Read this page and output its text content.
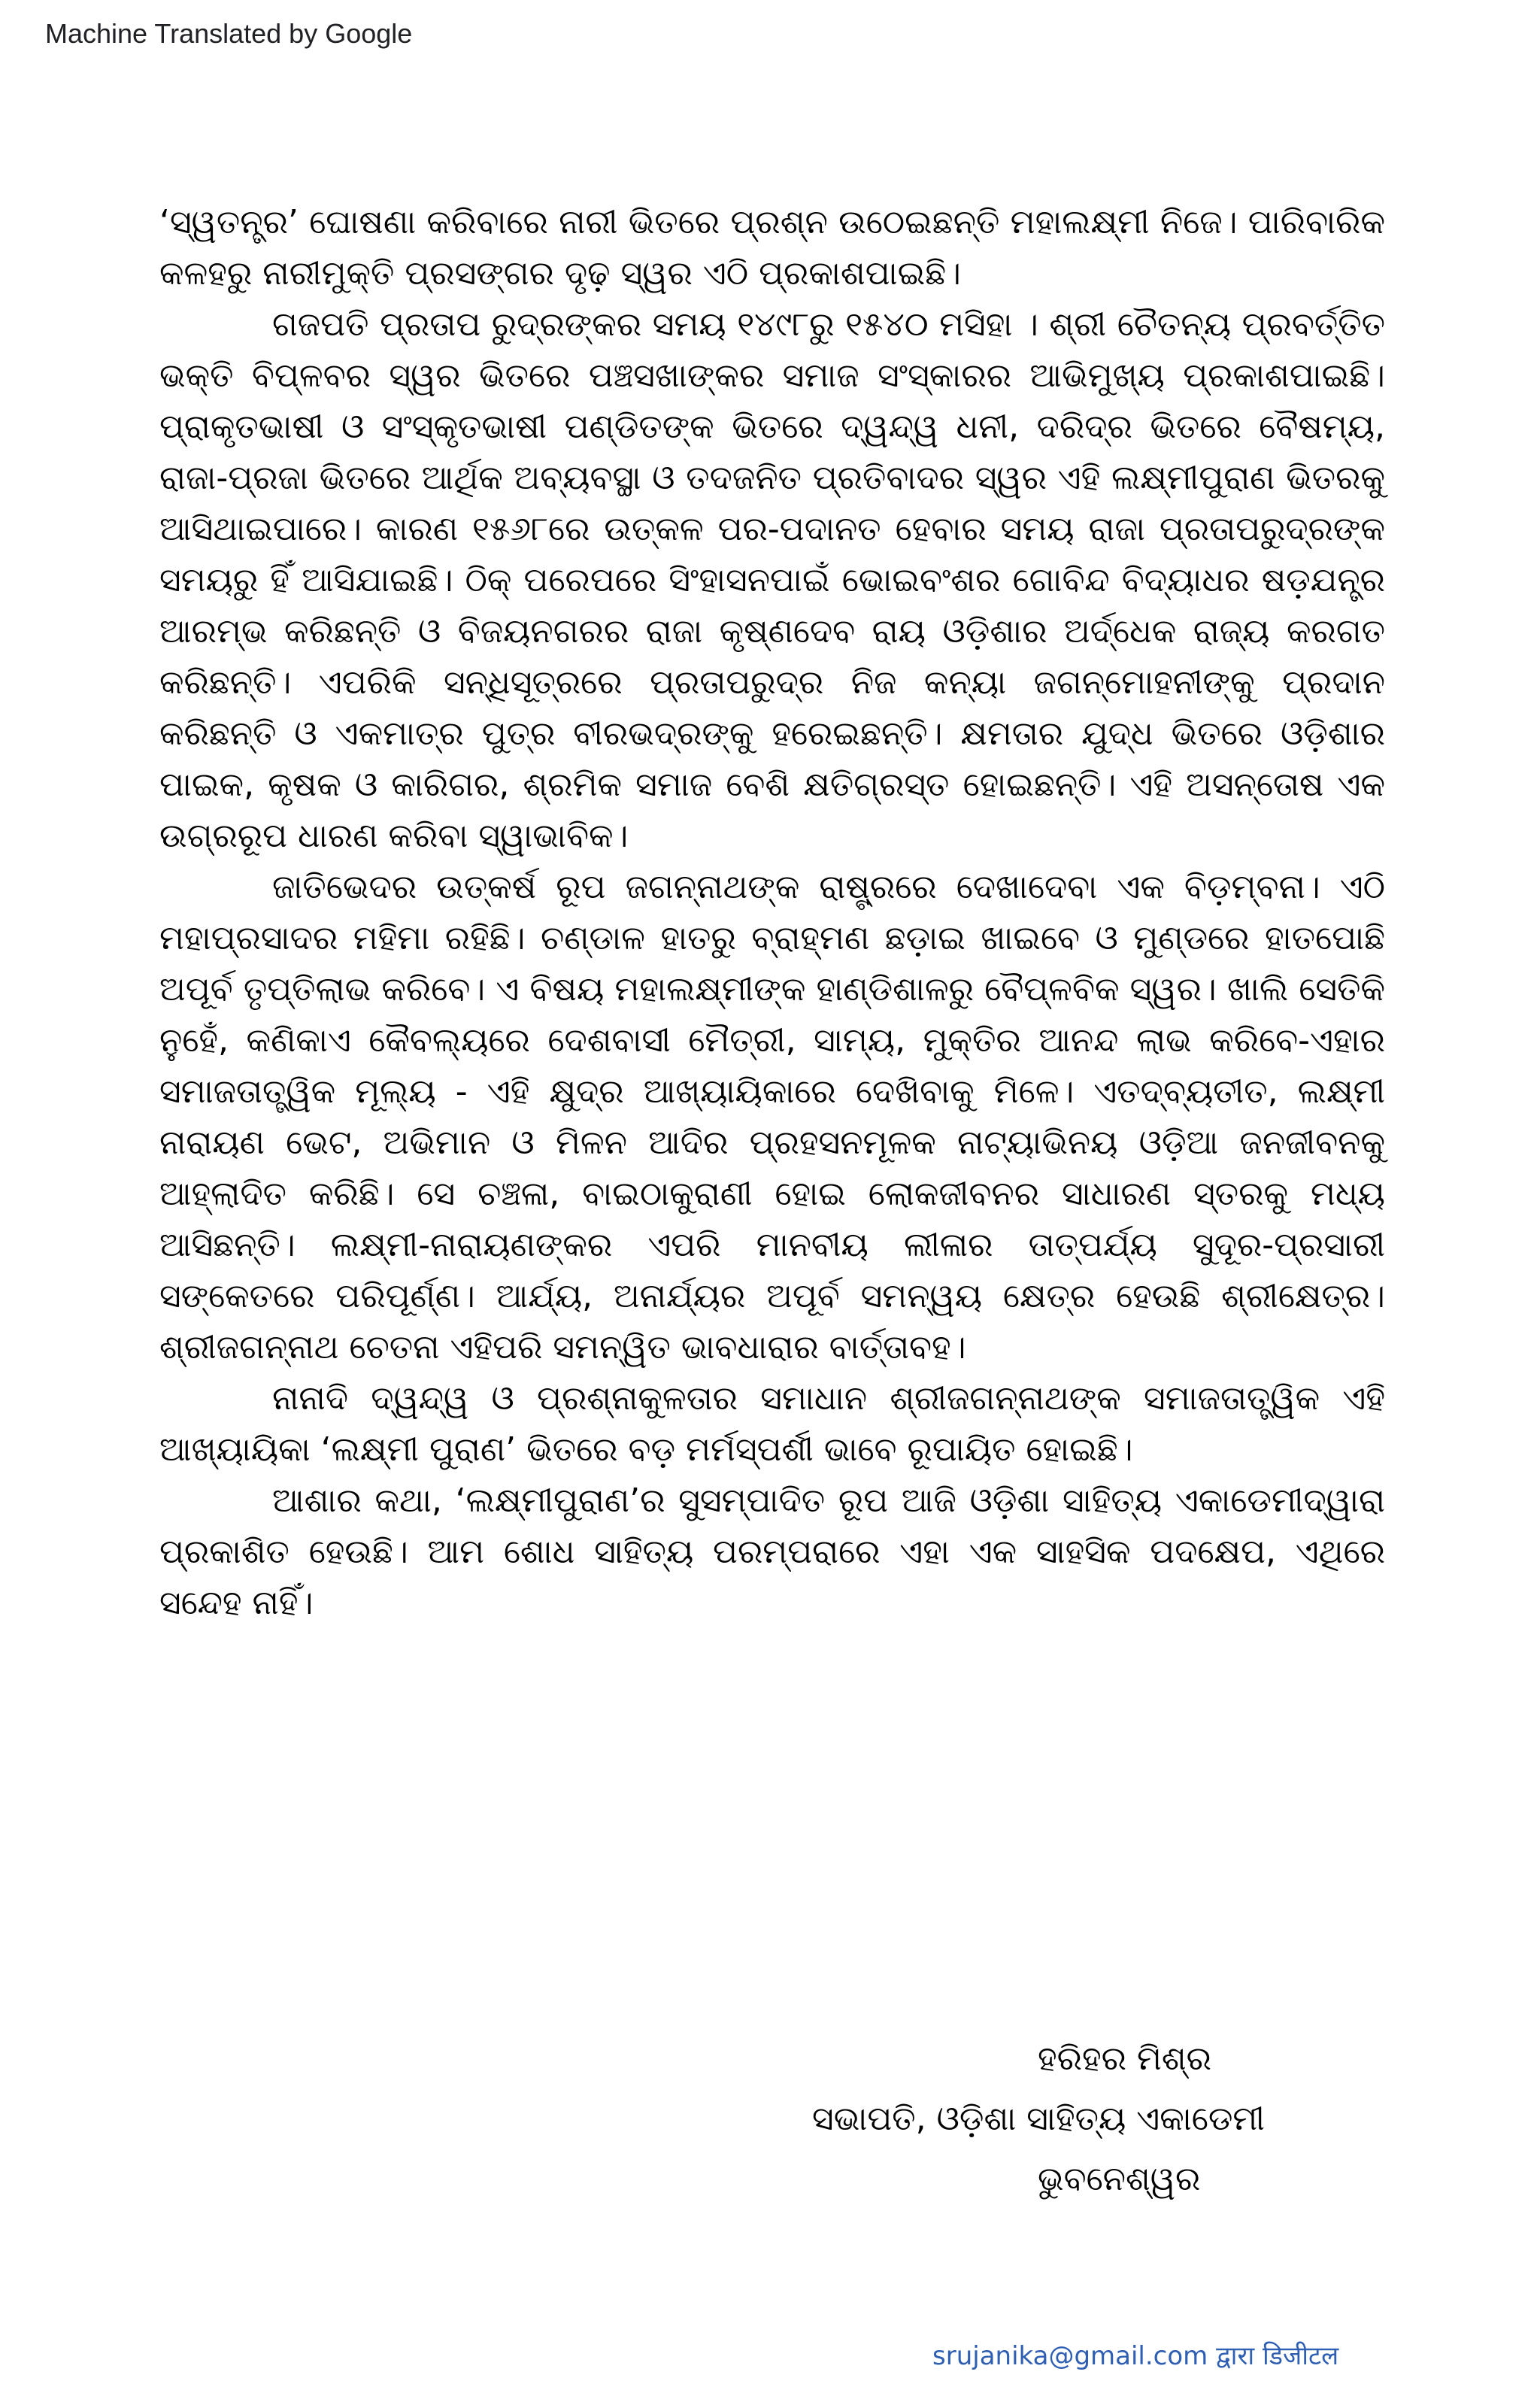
Machine Translated by Google

‘ସ୍ୱତନ୍ତ୍ର’ ଘୋଷଣା କରିବାରେ ନାରୀ ଭିତରେ ପ୍ରଶ୍ନ ଉଠେଇଛନ୍ତି ମହାଲକ୍ଷ୍ମୀ ନିଜେ। ପାରିବାରିକ କଳହରୁ ନାରୀମୁକ୍ତି ପ୍ରସଙ୍ଗର ଦୃଢ଼ ସ୍ୱର ଏଠି ପ୍ରକାଶପାଇଛି।

ଗଜପତି ପ୍ରତାପ ରୁଦ୍ରଙ୍କର ସମୟ ୧୪୯୮ରୁ ୧୫୪୦ ମସିହା । ଶ୍ରୀ ଚୈତନ୍ୟ ପ୍ରବର୍ତ୍ତିତ ଭକ୍ତି ବିପ୍ଳବର ସ୍ୱର ଭିତରେ ପଞ୍ଚସଖାଙ୍କର ସମାଜ ସଂସ୍କାରର ଆଭିମୁଖ୍ୟ ପ୍ରକାଶପାଇଛି। ପ୍ରାକୃତଭାଷୀ ଓ ସଂସ୍କୃତଭାଷୀ ପଣ୍ଡିତଙ୍କ ଭିତରେ ଦ୍ୱନ୍ଦ୍ୱ ଧନୀ, ଦରିଦ୍ର ଭିତରେ ବୈଷମ୍ୟ, ରାଜା-ପ୍ରଜା ଭିତରେ ଆର୍ଥିକ ଅବ୍ୟବସ୍ଥା ଓ ତଦଜନିତ ପ୍ରତିବାଦର ସ୍ୱର ଏହି ଲକ୍ଷ୍ମୀପୁରାଣ ଭିତରକୁ ଆସିଥାଇପାରେ। କାରଣ ୧୫୬୮ରେ ଉତ୍କଳ ପର-ପଦାନତ ହେବାର ସମୟ ରାଜା ପ୍ରତାପରୁଦ୍ରଙ୍କ ସମୟରୁ ହିଁ ଆସିଯାଇଛି। ଠିକ୍ ପରେପରେ ସିଂହାସନପାଇଁ ଭୋଇବଂଶର ଗୋବିନ୍ଦ ବିଦ୍ୟାଧର ଷଡ଼ଯନ୍ତ୍ର ଆରମ୍ଭ କରିଛନ୍ତି ଓ ବିଜୟନଗରର ରାଜା କୃଷ୍ଣଦେବ ରାୟ ଓଡ଼ିଶାର ଅର୍ଦ୍ଧେକ ରାଜ୍ୟ କରଗତ କରିଛନ୍ତି। ଏପରିକି ସନ୍ଧିସୂତ୍ରରେ ପ୍ରତାପରୁଦ୍ର ନିଜ କନ୍ୟା ଜଗନ୍ମୋହନୀଙ୍କୁ ପ୍ରଦାନ କରିଛନ୍ତି ଓ ଏକମାତ୍ର ପୁତ୍ର ବୀରଭଦ୍ରଙ୍କୁ ହରେଇଛନ୍ତି। କ୍ଷମତାର ଯୁଦ୍ଧ ଭିତରେ ଓଡ଼ିଶାର ପାଇକ, କୃଷକ ଓ କାରିଗର, ଶ୍ରମିକ ସମାଜ ବେଶି କ୍ଷତିଗ୍ରସ୍ତ ହୋଇଛନ୍ତି। ଏହି ଅସନ୍ତୋଷ ଏକ ଉଗ୍ରରୂପ ଧାରଣ କରିବା ସ୍ୱାଭାବିକ।

ଜାତିଭେଦର ଉତ୍କର୍ଷ ରୂପ ଜଗନ୍ନାଥଙ୍କ ରାଷ୍ଟ୍ରରେ ଦେଖାଦେବା ଏକ ବିଡ଼ମ୍ବନା। ଏଠି ମହାପ୍ରସାଦର ମହିମା ରହିଛି। ଚଣ୍ଡାଳ ହାତରୁ ବ୍ରାହ୍ମଣ ଛଡ଼ାଇ ଖାଇବେ ଓ ମୁଣ୍ଡରେ ହାତପୋଛି ଅପୂର୍ବ ତୃପ୍ତିଲାଭ କରିବେ। ଏ ବିଷୟ ମହାଲକ୍ଷ୍ମୀଙ୍କ ହାଣ୍ଡିଶାଳରୁ ବୈପ୍ଳବିକ ସ୍ୱର। ଖାଲି ସେତିକି ନୁହେଁ, କଣିକାଏ କୈବଲ୍ୟରେ ଦେଶବାସୀ ମୈତ୍ରୀ, ସାମ୍ୟ, ମୁକ୍ତିର ଆନନ୍ଦ ଲାଭ କରିବେ-ଏହାର ସମାଜତାତ୍ତ୍ୱିକ ମୂଲ୍ୟ - ଏହି କ୍ଷୁଦ୍ର ଆଖ୍ୟାୟିକାରେ ଦେଖିବାକୁ ମିଳେ। ଏତଦ୍‌ବ୍ୟତୀତ, ଲକ୍ଷ୍ମୀ ନାରାୟଣ ଭେଟ, ଅଭିମାନ ଓ ମିଳନ ଆଦିର ପ୍ରହସନମୂଳକ ନାଟ୍ୟାଭିନୟ ଓଡ଼ିଆ ଜନଜୀବନକୁ ଆହ୍ଲାଦିତ କରିଛି। ସେ ଚଞ୍ଚଳା, ବାଇଠାକୁରାଣୀ ହୋଇ ଲୋକଜୀବନର ସାଧାରଣ ସ୍ତରକୁ ମଧ୍ୟ ଆସିଛନ୍ତି। ଲକ୍ଷ୍ମୀ-ନାରାୟଣଙ୍କର ଏପରି ମାନବୀୟ ଲୀଳାର ତାତ୍ପର୍ଯ୍ୟ ସୁଦୂର-ପ୍ରସାରୀ ସଙ୍କେତରେ ପରିପୂର୍ଣ୍ଣ। ଆର୍ଯ୍ୟ, ଅନାର୍ଯ୍ୟର ଅପୂର୍ବ ସମନ୍ୱୟ କ୍ଷେତ୍ର ହେଉଛି ଶ୍ରୀକ୍ଷେତ୍ର। ଶ୍ରୀଜଗନ୍ନାଥ ଚେତନା ଏହିପରି ସମନ୍ୱିତ ଭାବଧାରାର ବାର୍ତ୍ତାବହ।

ନାନାଦି ଦ୍ୱନ୍ଦ୍ୱ ଓ ପ୍ରଶ୍ନାକୁଳତାର ସମାଧାନ ଶ୍ରୀଜଗନ୍ନାଥଙ୍କ ସମାଜତାତ୍ତ୍ୱିକ ଏହି ଆଖ୍ୟାୟିକା ‘ଲକ୍ଷ୍ମୀ ପୁରାଣ’ ଭିତରେ ବଡ଼ ମର୍ମସ୍ପର୍ଶୀ ଭାବେ ରୂପାୟିତ ହୋଇଛି।

ଆଶାର କଥା, ‘ଲକ୍ଷ୍ମୀପୁରାଣ’ର ସୁସମ୍ପାଦିତ ରୂପ ଆଜି ଓଡ଼ିଶା ସାହିତ୍ୟ ଏକାଡେମୀଦ୍ୱାରା ପ୍ରକାଶିତ ହେଉଛି। ଆମ ଶୋଧ ସାହିତ୍ୟ ପରମ୍ପରାରେ ଏହା ଏକ ସାହସିକ ପଦକ୍ଷେପ, ଏଥିରେ ସନ୍ଦେହ ନାହିଁ।

ହରିହର ମିଶ୍ର
ସଭାପତି, ଓଡ଼ିଶା ସାହିତ୍ୟ ଏକାଡେମୀ
ଭୁବନେଶ୍ୱର
srujanika@gmail.com द्वारा डिजीटल
